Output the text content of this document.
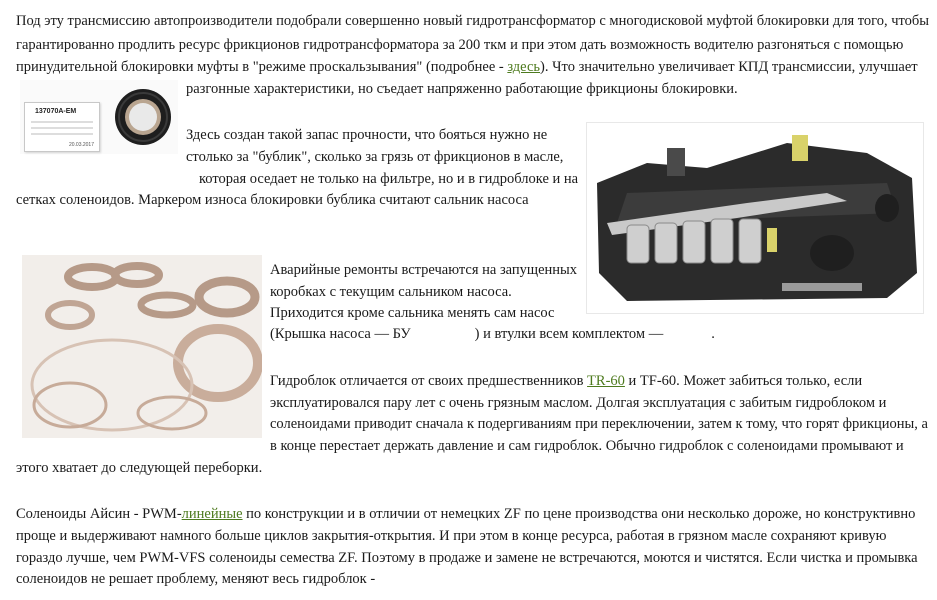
Под эту трансмиссию автопроизводители подобрали совершенно новый гидротрансформатор с многодисковой муфтой блокировки для того, чтобы
гарантированно продлить ресурс фрикционов гидротрансформатора за 200 ткм и при этом дать возможность водителю разгоняться с помощью
принудительной блокировки муфты в "режиме проскальзывания" (подробнее - здесь). Что значительно увеличивает КПД трансмиссии, улучшает
разгонные характеристики, но съедает напряженно работающие фрикционы блокировки.
137070A-EM
20.03.2017
Здесь создан такой запас прочности, что бояться нужно не
столько за "бублик", сколько за грязь от фрикционов в масле,
которая оседает не только на фильтре, но и в гидроблоке и на
сетках соленоидов. Маркером износа блокировки бублика считают сальник насоса
Аварийные ремонты встречаются на запущенных
коробках с текущим сальником насоса.
Приходится кроме сальника менять сам насос
(Крышка насоса — БУ	) и втулки всем комплектом —	.
Гидроблок отличается от своих предшественников TR-60 и TF-60. Может забиться только, если
эксплуатировался пару лет с очень грязным маслом. Долгая эксплуатация с забитым гидроблоком и
соленоидами приводит сначала к подергиваниям при переключении, затем к тому, что горят фрикционы, а
в конце перестает держать давление и сам гидроблок. Обычно гидроблок с соленоидами промывают и
этого хватает до следующей переборки.
Соленоиды Айсин - PWM-линейные по конструкции и в отличии от немецких ZF по цене производства они несколько дороже, но конструктивно
проще и выдерживают намного больше циклов закрытия-открытия. И при этом в конце ресурса, работая в грязном масле сохраняют кривую
гораздо лучше, чем PWM-VFS соленоиды семества ZF. Поэтому в продаже и замене не встречаются, моются и чистятся. Если чистка и промывка
соленоидов не решает проблему, меняют весь гидроблок -
